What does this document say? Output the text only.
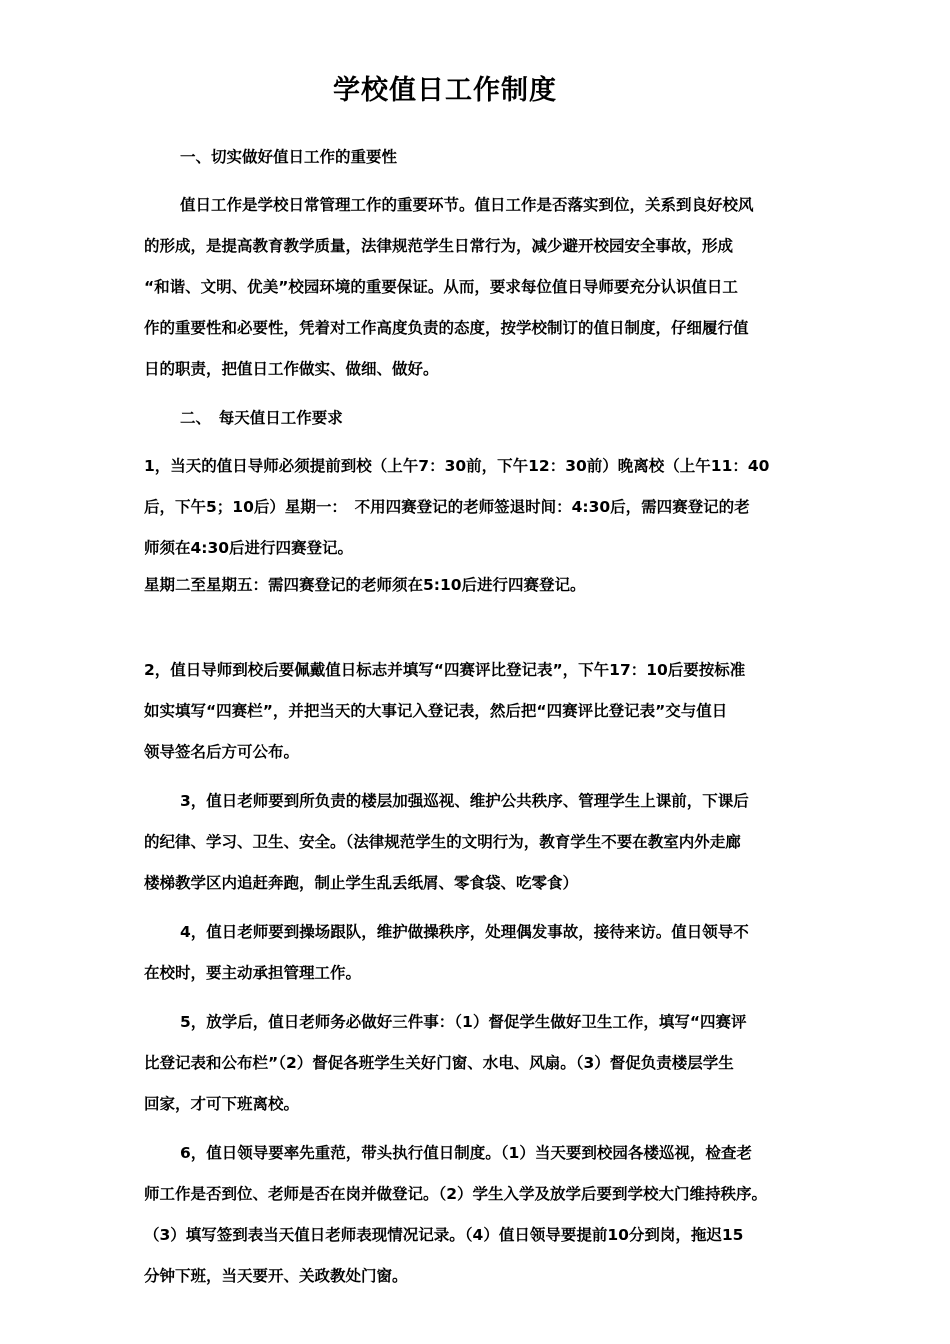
学校值日工作制度
一、切实做好值日工作的重要性
值日工作是学校日常管理工作的重要环节。值日工作是否落实到位，关系到良好校风
的形成，是提高教育教学质量，法律规范学生日常行为，减少避开校园安全事故，形成
“和谐、文明、优美”校园环境的重要保证。从而，要求每位值日导师要充分认识值日工
作的重要性和必要性，凭着对工作高度负责的态度，按学校制订的值日制度，仔细履行值
日的职责，把值日工作做实、做细、做好。
二、　每天值日工作要求
1，当天的值日导师必须提前到校（上午7：30前，下午12：30前）晚离校（上午11：40
后，下午5；10后）星期一：　不用四赛登记的老师签退时间：4:30后，需四赛登记的老
师须在4:30后进行四赛登记。
星期二至星期五：需四赛登记的老师须在5:10后进行四赛登记。
2，值日导师到校后要佩戴值日标志并填写“四赛评比登记表”，下午17：10后要按标准
如实填写“四赛栏”，并把当天的大事记入登记表，然后把“四赛评比登记表”交与值日
领导签名后方可公布。
3，值日老师要到所负责的楼层加强巡视、维护公共秩序、管理学生上课前，下课后
的纪律、学习、卫生、安全。（法律规范学生的文明行为，教育学生不要在教室内外走廊
楼梯教学区内追赶奔跑，制止学生乱丢纸屑、零食袋、吃零食）
4，值日老师要到操场跟队，维护做操秩序，处理偶发事故，接待来访。值日领导不
在校时，要主动承担管理工作。
5，放学后，值日老师务必做好三件事：（1）督促学生做好卫生工作，填写“四赛评
比登记表和公布栏”（2）督促各班学生关好门窗、水电、风扇。（3）督促负责楼层学生
回家，才可下班离校。
6，值日领导要率先重范，带头执行值日制度。（1）当天要到校园各楼巡视，检查老
师工作是否到位、老师是否在岗并做登记。（2）学生入学及放学后要到学校大门维持秩序。
（3）填写签到表当天值日老师表现情况记录。（4）值日领导要提前10分到岗，拖迟15
分钟下班，当天要开、关政教处门窗。
